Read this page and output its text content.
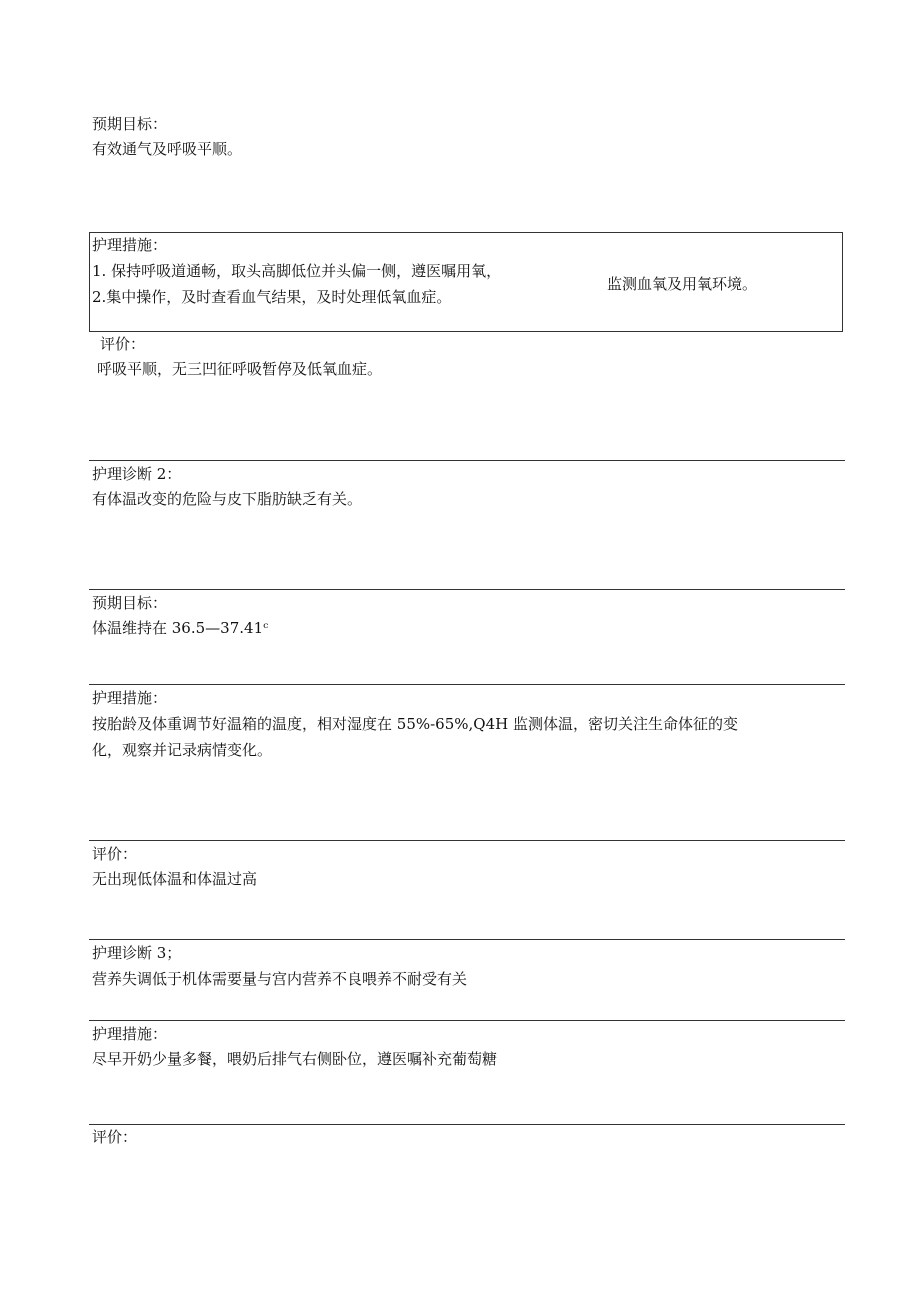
预期目标：
有效通气及呼吸平顺。
护理措施：
1. 保持呼吸道通畅，取头高脚低位并头偏一侧，遵医嘱用氧，
2.集中操作，及时查看血气结果，及时处理低氧血症。
监测血氧及用氧环境。
评价：
呼吸平顺，无三凹征呼吸暂停及低氧血症。
护理诊断 2：
有体温改变的危险与皮下脂肪缺乏有关。
预期目标：
体温维持在 36.5—37.41ᶜ
护理措施：
按胎龄及体重调节好温箱的温度，相对湿度在 55%-65%,Q4H 监测体温，密切关注生命体征的变
化，观察并记录病情变化。
评价：
无出现低体温和体温过高
护理诊断 3；
营养失调低于机体需要量与宫内营养不良喂养不耐受有关
护理措施：
尽早开奶少量多餐，喂奶后排气右侧卧位，遵医嘱补充葡萄糖
评价：
